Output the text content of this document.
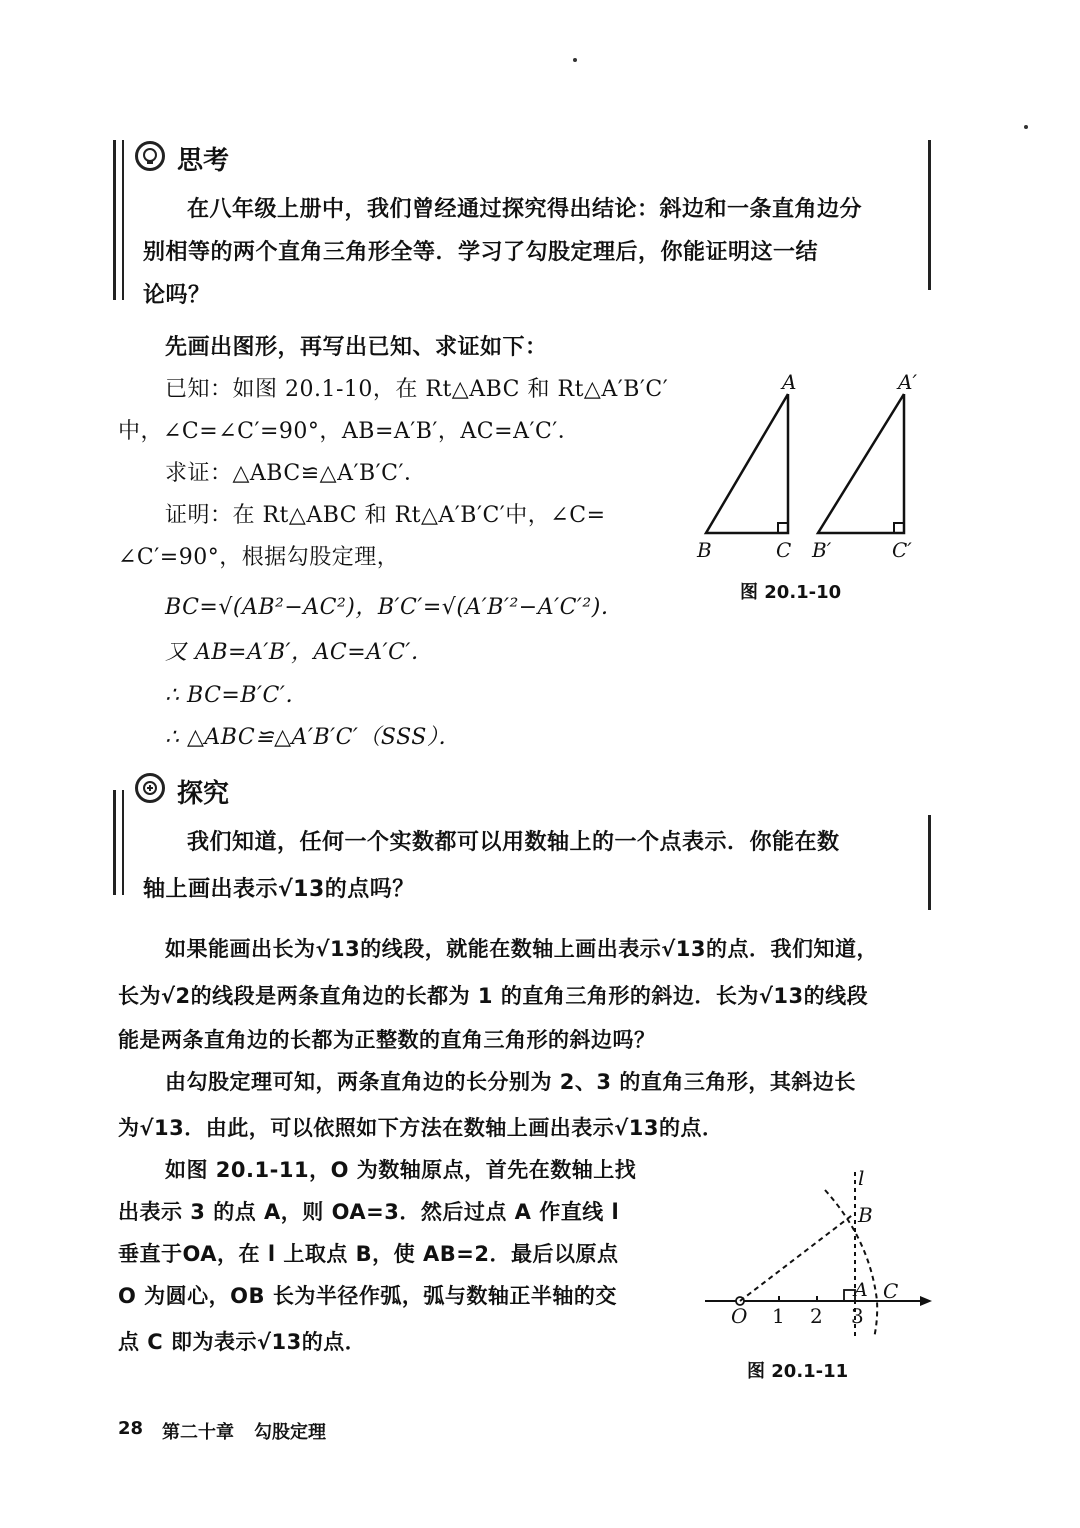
思考
在八年级上册中，我们曾经通过探究得出结论：斜边和一条直角边分
别相等的两个直角三角形全等．学习了勾股定理后，你能证明这一结
论吗？
先画出图形，再写出已知、求证如下：
已知：如图 20.1-10，在 Rt△ABC 和 Rt△A′B′C′
中，∠C=∠C′=90°，AB=A′B′，AC=A′C′．
求证：△ABC≌△A′B′C′．
证明：在 Rt△ABC 和 Rt△A′B′C′中，∠C=
∠C′=90°，根据勾股定理，
BC=√(AB²−AC²)，B′C′=√(A′B′²−A′C′²)．
又 AB=A′B′，AC=A′C′．
∴ BC=B′C′．
∴ △ABC≌△A′B′C′（SSS）．
A
B	C
A′
B′	C′
图 20.1-10
探究
我们知道，任何一个实数都可以用数轴上的一个点表示．你能在数
轴上画出表示√13的点吗？
如果能画出长为√13的线段，就能在数轴上画出表示√13的点．我们知道，
长为√2的线段是两条直角边的长都为 1 的直角三角形的斜边．长为√13的线段
能是两条直角边的长都为正整数的直角三角形的斜边吗？
由勾股定理可知，两条直角边的长分别为 2、3 的直角三角形，其斜边长
为√13．由此，可以依照如下方法在数轴上画出表示√13的点．
如图 20.1-11，O 为数轴原点，首先在数轴上找
出表示 3 的点 A，则 OA=3．然后过点 A 作直线 l
垂直于OA，在 l 上取点 B，使 AB=2．最后以原点
O 为圆心，OB 长为半径作弧，弧与数轴正半轴的交
点 C 即为表示√13的点．
l
B
A C
O 1 2 3
图 20.1-11
28 第二十章 勾股定理
